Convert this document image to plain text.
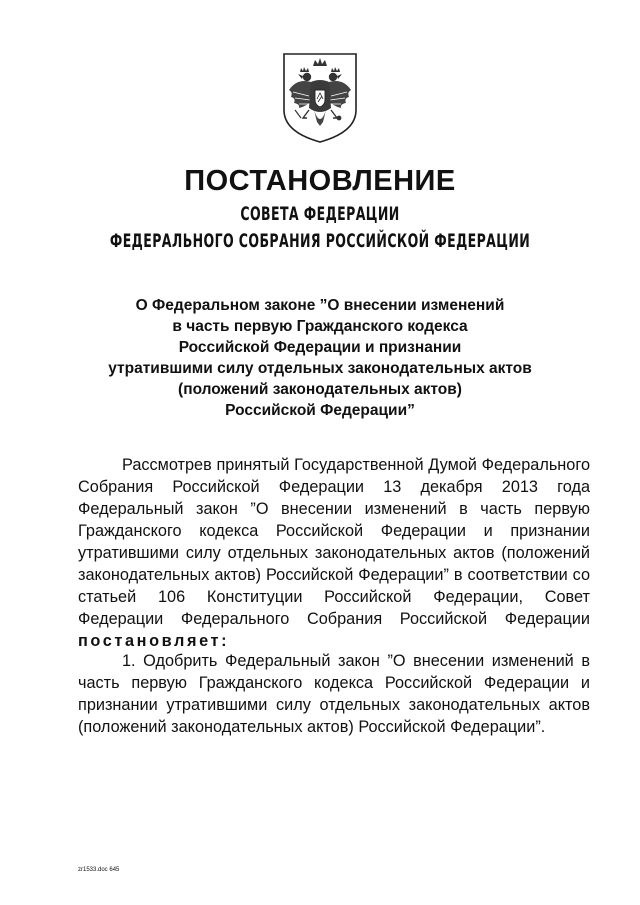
ПОСТАНОВЛЕНИЕ
СОВЕТА ФЕДЕРАЦИИ
ФЕДЕРАЛЬНОГО СОБРАНИЯ РОССИЙСКОЙ ФЕДЕРАЦИИ
О Федеральном законе ”О внесении изменений
в часть первую Гражданского кодекса
Российской Федерации и признании
утратившими силу отдельных законодательных актов
(положений законодательных актов)
Российской Федерации”
Рассмотрев принятый Государственной Думой Федерального Собрания Российской Федерации 13 декабря 2013 года Федеральный закон ”О внесении изменений в часть первую Гражданского кодекса Российской Федерации и признании утратившими силу отдельных законодательных актов (положений законодательных актов) Российской Федерации” в соответствии со статьей 106 Конституции Российской Федерации, Совет Федерации Федерального Собрания Российской Федерации постановляет:
1. Одобрить Федеральный закон ”О внесении изменений в часть первую Гражданского кодекса Российской Федерации и признании утратившими силу отдельных законодательных актов (положений законодательных актов) Российской Федерации”.
zr1533.doc 645
